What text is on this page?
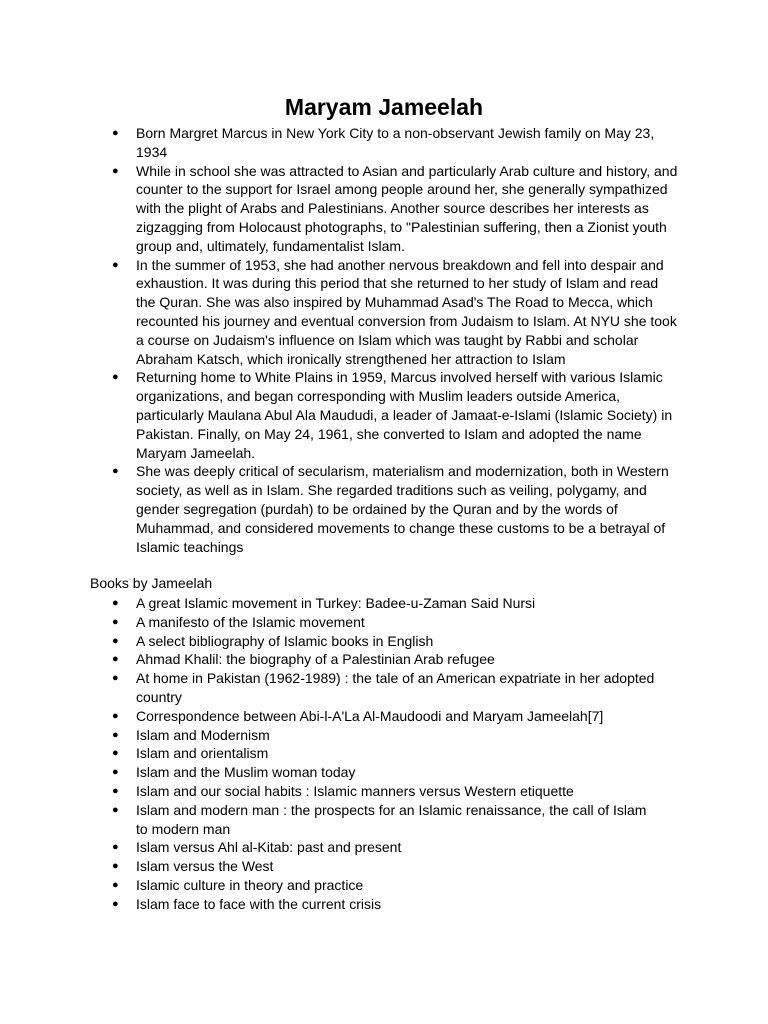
Maryam Jameelah
● Born Margret Marcus in New York City to a non-observant Jewish family on May 23, 1934
● While in school she was attracted to Asian and particularly Arab culture and history, and counter to the support for Israel among people around her, she generally sympathized with the plight of Arabs and Palestinians. Another source describes her interests as zigzagging from Holocaust photographs, to "Palestinian suffering, then a Zionist youth group and, ultimately, fundamentalist Islam.
● In the summer of 1953, she had another nervous breakdown and fell into despair and exhaustion. It was during this period that she returned to her study of Islam and read the Quran. She was also inspired by Muhammad Asad's The Road to Mecca, which recounted his journey and eventual conversion from Judaism to Islam. At NYU she took a course on Judaism's influence on Islam which was taught by Rabbi and scholar Abraham Katsch, which ironically strengthened her attraction to Islam
● Returning home to White Plains in 1959, Marcus involved herself with various Islamic organizations, and began corresponding with Muslim leaders outside America, particularly Maulana Abul Ala Maududi, a leader of Jamaat-e-Islami (Islamic Society) in Pakistan. Finally, on May 24, 1961, she converted to Islam and adopted the name Maryam Jameelah.
● She was deeply critical of secularism, materialism and modernization, both in Western society, as well as in Islam. She regarded traditions such as veiling, polygamy, and gender segregation (purdah) to be ordained by the Quran and by the words of Muhammad, and considered movements to change these customs to be a betrayal of Islamic teachings

Books by Jameelah

● A great Islamic movement in Turkey: Badee-u-Zaman Said Nursi
● A manifesto of the Islamic movement
● A select bibliography of Islamic books in English
● Ahmad Khalil: the biography of a Palestinian Arab refugee
● At home in Pakistan (1962-1989) : the tale of an American expatriate in her adopted country
● Correspondence between Abi-l-A'La Al-Maudoodi and Maryam Jameelah[7]
● Islam and Modernism
● Islam and orientalism
● Islam and the Muslim woman today
● Islam and our social habits : Islamic manners versus Western etiquette
● Islam and modern man : the prospects for an Islamic renaissance, the call of Islam to modern man
● Islam versus Ahl al-Kitab: past and present
● Islam versus the West
● Islamic culture in theory and practice
● Islam face to face with the current crisis
